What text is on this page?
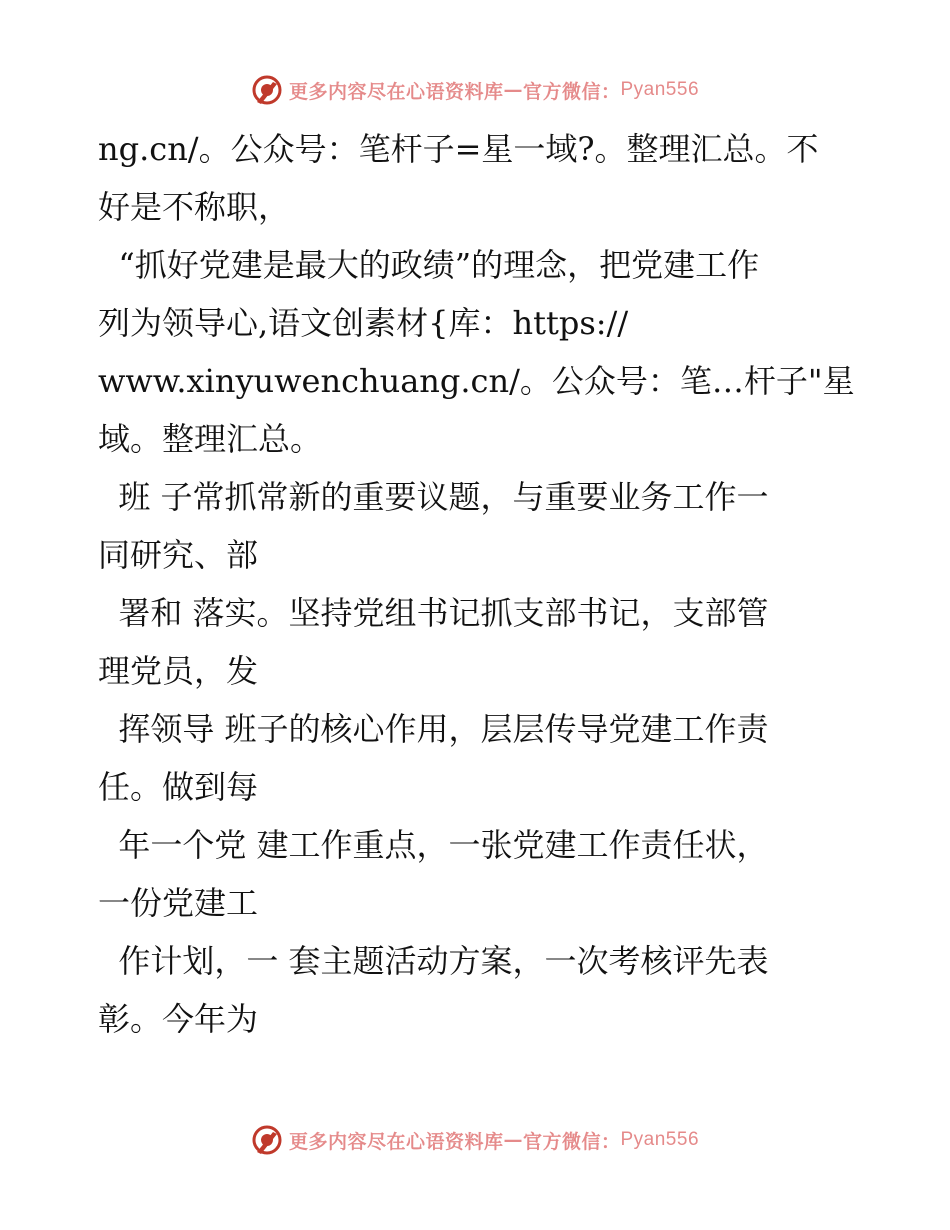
更多内容尽在心语资料库 — 官方微信： Pyan556
ng.cn/。公众号：笔杆子=星一域?。整理汇总。不
好是不称职，
“抓好党建是最大的政绩”的理念，把党建工作
列为领导心,语文创素材{库：https://
www.xinyuwenchuang.cn/。公众号：笔…杆子"星
域。整理汇总。
班 子常抓常新的重要议题，与重要业务工作一
同研究、部
署和 落实。坚持党组书记抓支部书记，支部管
理党员，发
挥领导 班子的核心作用，层层传导党建工作责
任。做到每
年一个党 建工作重点，一张党建工作责任状，
一份党建工
作计划，一 套主题活动方案，一次考核评先表
彰。今年为
更多内容尽在心语资料库 — 官方微信： Pyan556
